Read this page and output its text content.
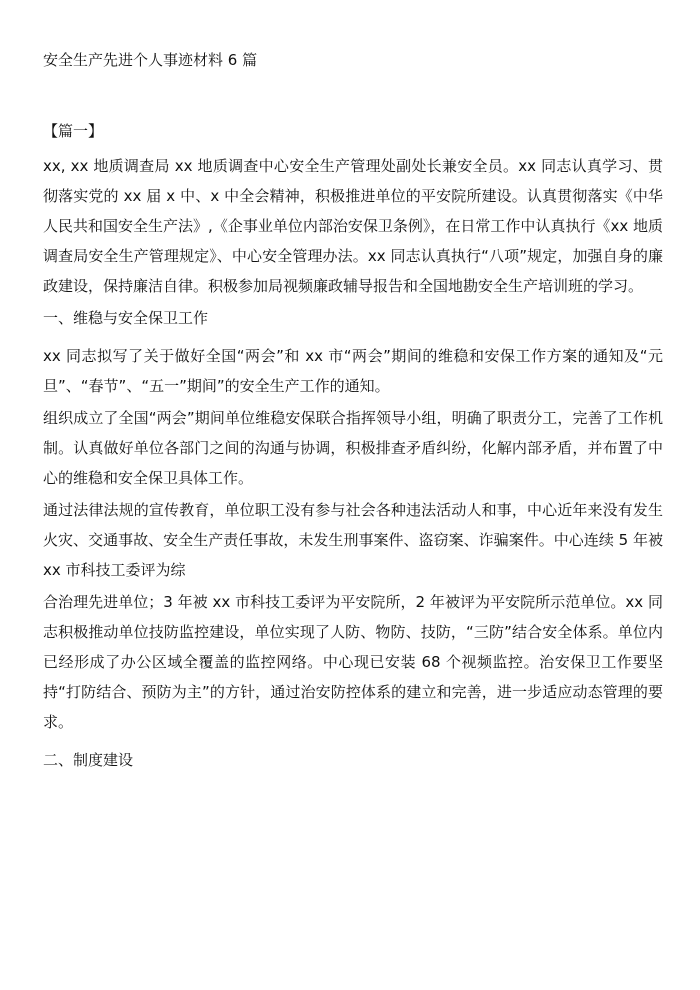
安全生产先进个人事迹材料 6 篇
【篇一】

xx, xx 地质调查局 xx 地质调查中心安全生产管理处副处长兼安全员。xx 同志认真学习、贯彻落实党的 xx 届 x 中、x 中全会精神，积极推进单位的平安院所建设。认真贯彻落实《中华人民共和国安全生产法》,《企事业单位内部治安保卫条例》，在日常工作中认真执行《xx 地质调查局安全生产管理规定》、中心安全管理办法。xx 同志认真执行“八项”规定，加强自身的廉政建设，保持廉洁自律。积极参加局视频廉政辅导报告和全国地勘安全生产培训班的学习。

一、维稳与安全保卫工作

xx 同志拟写了关于做好全国“两会”和 xx 市“两会”期间的维稳和安保工作方案的通知及“元旦”、“春节”、“五一”期间”的安全生产工作的通知。

组织成立了全国“两会”期间单位维稳安保联合指挥领导小组，明确了职责分工，完善了工作机制。认真做好单位各部门之间的沟通与协调，积极排查矛盾纠纷，化解内部矛盾，并布置了中心的维稳和安全保卫具体工作。

通过法律法规的宣传教育，单位职工没有参与社会各种违法活动人和事，中心近年来没有发生火灾、交通事故、安全生产责任事故，未发生刑事案件、盗窃案、诈骗案件。中心连续 5 年被 xx 市科技工委评为综

合治理先进单位；3 年被 xx 市科技工委评为平安院所，2 年被评为平安院所示范单位。xx 同志积极推动单位技防监控建设，单位实现了人防、物防、技防，“三防”结合安全体系。单位内已经形成了办公区域全覆盖的监控网络。中心现已安装 68 个视频监控。治安保卫工作要坚持“打防结合、预防为主”的方针，通过治安防控体系的建立和完善，进一步适应动态管理的要求。

二、制度建设
